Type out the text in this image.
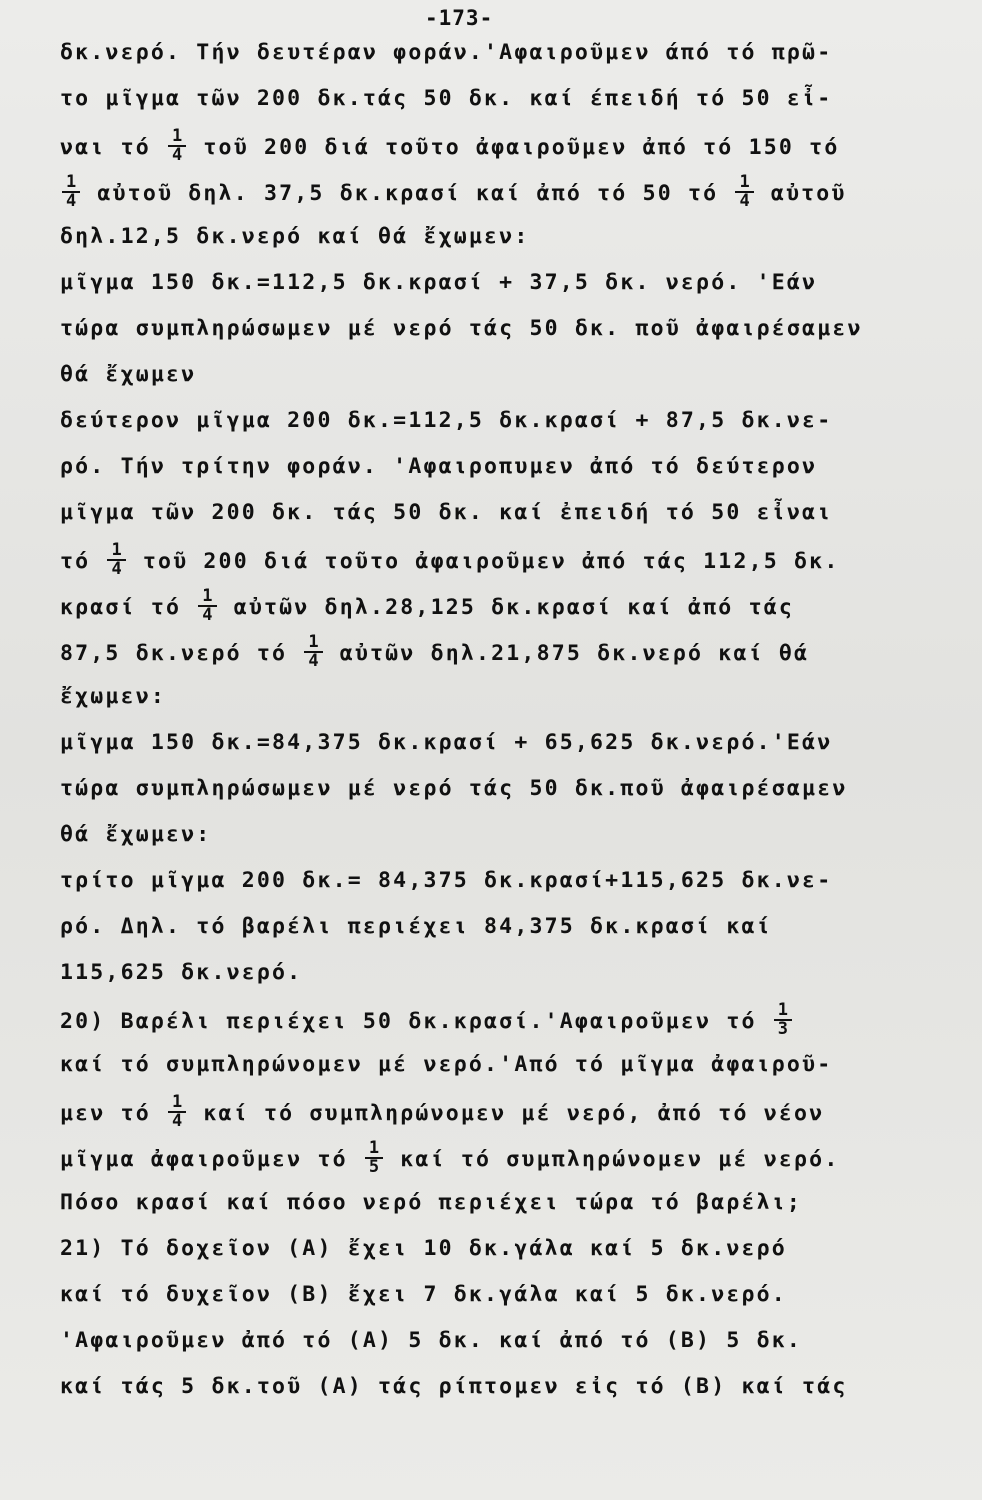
-173-
δκ.νερό. Τήν δευτέραν φοράν.'Αφαιροῦμεν άπό τό πρῶ-
το μῖγμα τῶν 200 δκ.τάς 50 δκ. καί έπειδή τό 50 εἶ-
ναι τό $\frac{1}{4}$ τοῦ 200 διά τοῦτο ἀφαιροῦμεν ἀπό τό 150 τό
$\frac{1}{4}$ αὐτοῦ δηλ. 37,5 δκ.κρασί καί ἀπό τό 50 τό $\frac{1}{4}$ αὐτοῦ
δηλ.12,5 δκ.νερό καί θά ἔχωμεν:
μῖγμα 150 δκ.=112,5 δκ.κρασί + 37,5 δκ. νερό. 'Εάν
τώρα συμπληρώσωμεν μέ νερό τάς 50 δκ. ποῦ ἀφαιρέσαμεν
θά ἔχωμεν
δεύτερον μῖγμα 200 δκ.=112,5 δκ.κρασί + 87,5 δκ.νε-
ρό. Τήν τρίτην φοράν. 'Αφαιροπυμεν ἀπό τό δεύτερον
μῖγμα τῶν 200 δκ. τάς 50 δκ. καί ἐπειδή τό 50 εἶναι
τό $\frac{1}{4}$ τοῦ 200 διά τοῦτο ἀφαιροῦμεν ἀπό τάς 112,5 δκ.
κρασί τό $\frac{1}{4}$ αὐτῶν δηλ.28,125 δκ.κρασί καί ἀπό τάς
87,5 δκ.νερό τό $\frac{1}{4}$ αὐτῶν δηλ.21,875 δκ.νερό καί θά
ἔχωμεν:
μῖγμα 150 δκ.=84,375 δκ.κρασί + 65,625 δκ.νερό.'Εάν
τώρα συμπληρώσωμεν μέ νερό τάς 50 δκ.ποῦ ἀφαιρέσαμεν
θά ἔχωμεν:
τρίτο μῖγμα 200 δκ.= 84,375 δκ.κρασί+115,625 δκ.νε-
ρό. Δηλ. τό βαρέλι περιέχει 84,375 δκ.κρασί καί
115,625 δκ.νερό.
20) Βαρέλι περιέχει 50 δκ.κρασί.'Αφαιροῦμεν τό $\frac{1}{3}$
καί τό συμπληρώνομεν μέ νερό.'Από τό μῖγμα ἀφαιροῦ-
μεν τό $\frac{1}{4}$ καί τό συμπληρώνομεν μέ νερό, ἀπό τό νέον
μῖγμα ἀφαιροῦμεν τό $\frac{1}{5}$ καί τό συμπληρώνομεν μέ νερό.
Πόσο κρασί καί πόσο νερό περιέχει τώρα τό βαρέλι;
21) Τό δοχεῖον (Α) ἔχει 10 δκ.γάλα καί 5 δκ.νερό
καί τό δυχεῖον (Β) ἔχει 7 δκ.γάλα καί 5 δκ.νερό.
'Αφαιροῦμεν ἀπό τό (Α) 5 δκ. καί ἀπό τό (Β) 5 δκ.
καί τάς 5 δκ.τοῦ (Α) τάς ρίπτομεν εἰς τό (Β) καί τάς
